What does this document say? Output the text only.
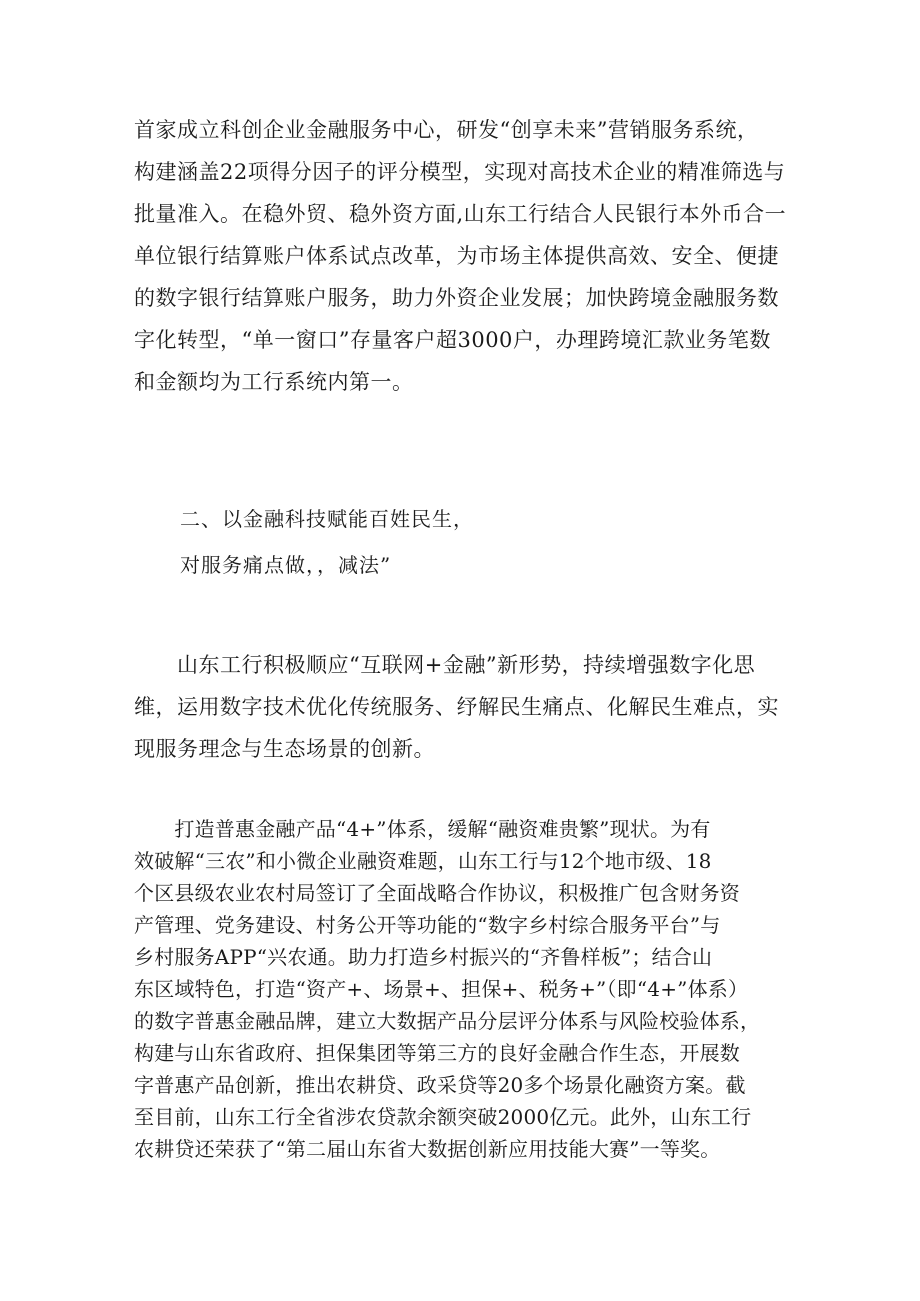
首家成立科创企业金融服务中心，研发“创享未来”营销服务系统，
构建涵盖22项得分因子的评分模型，实现对高技术企业的精准筛选与
批量准入。在稳外贸、稳外资方面,山东工行结合人民银行本外币合一
单位银行结算账户体系试点改革，为市场主体提供高效、安全、便捷
的数字银行结算账户服务，助力外资企业发展；加快跨境金融服务数
字化转型，“单一窗口”存量客户超3000户，办理跨境汇款业务笔数
和金额均为工行系统内第一。
二、以金融科技赋能百姓民生，
对服务痛点做，，减法”
　　山东工行积极顺应“互联网+金融”新形势，持续增强数字化思
维，运用数字技术优化传统服务、纾解民生痛点、化解民生难点，实
现服务理念与生态场景的创新。
　　打造普惠金融产品“4+”体系，缓解“融资难贵繁”现状。为有
效破解“三农”和小微企业融资难题，山东工行与12个地市级、18
个区县级农业农村局签订了全面战略合作协议，积极推广包含财务资
产管理、党务建设、村务公开等功能的“数字乡村综合服务平台”与
乡村服务APP“兴农通。助力打造乡村振兴的“齐鲁样板”；结合山
东区域特色，打造“资产+、场景+、担保+、税务+”（即“4+”体系）
的数字普惠金融品牌，建立大数据产品分层评分体系与风险校验体系，
构建与山东省政府、担保集团等第三方的良好金融合作生态，开展数
字普惠产品创新，推出农耕贷、政采贷等20多个场景化融资方案。截
至目前，山东工行全省涉农贷款余额突破2000亿元。此外，山东工行
农耕贷还荣获了“第二届山东省大数据创新应用技能大赛”一等奖。
